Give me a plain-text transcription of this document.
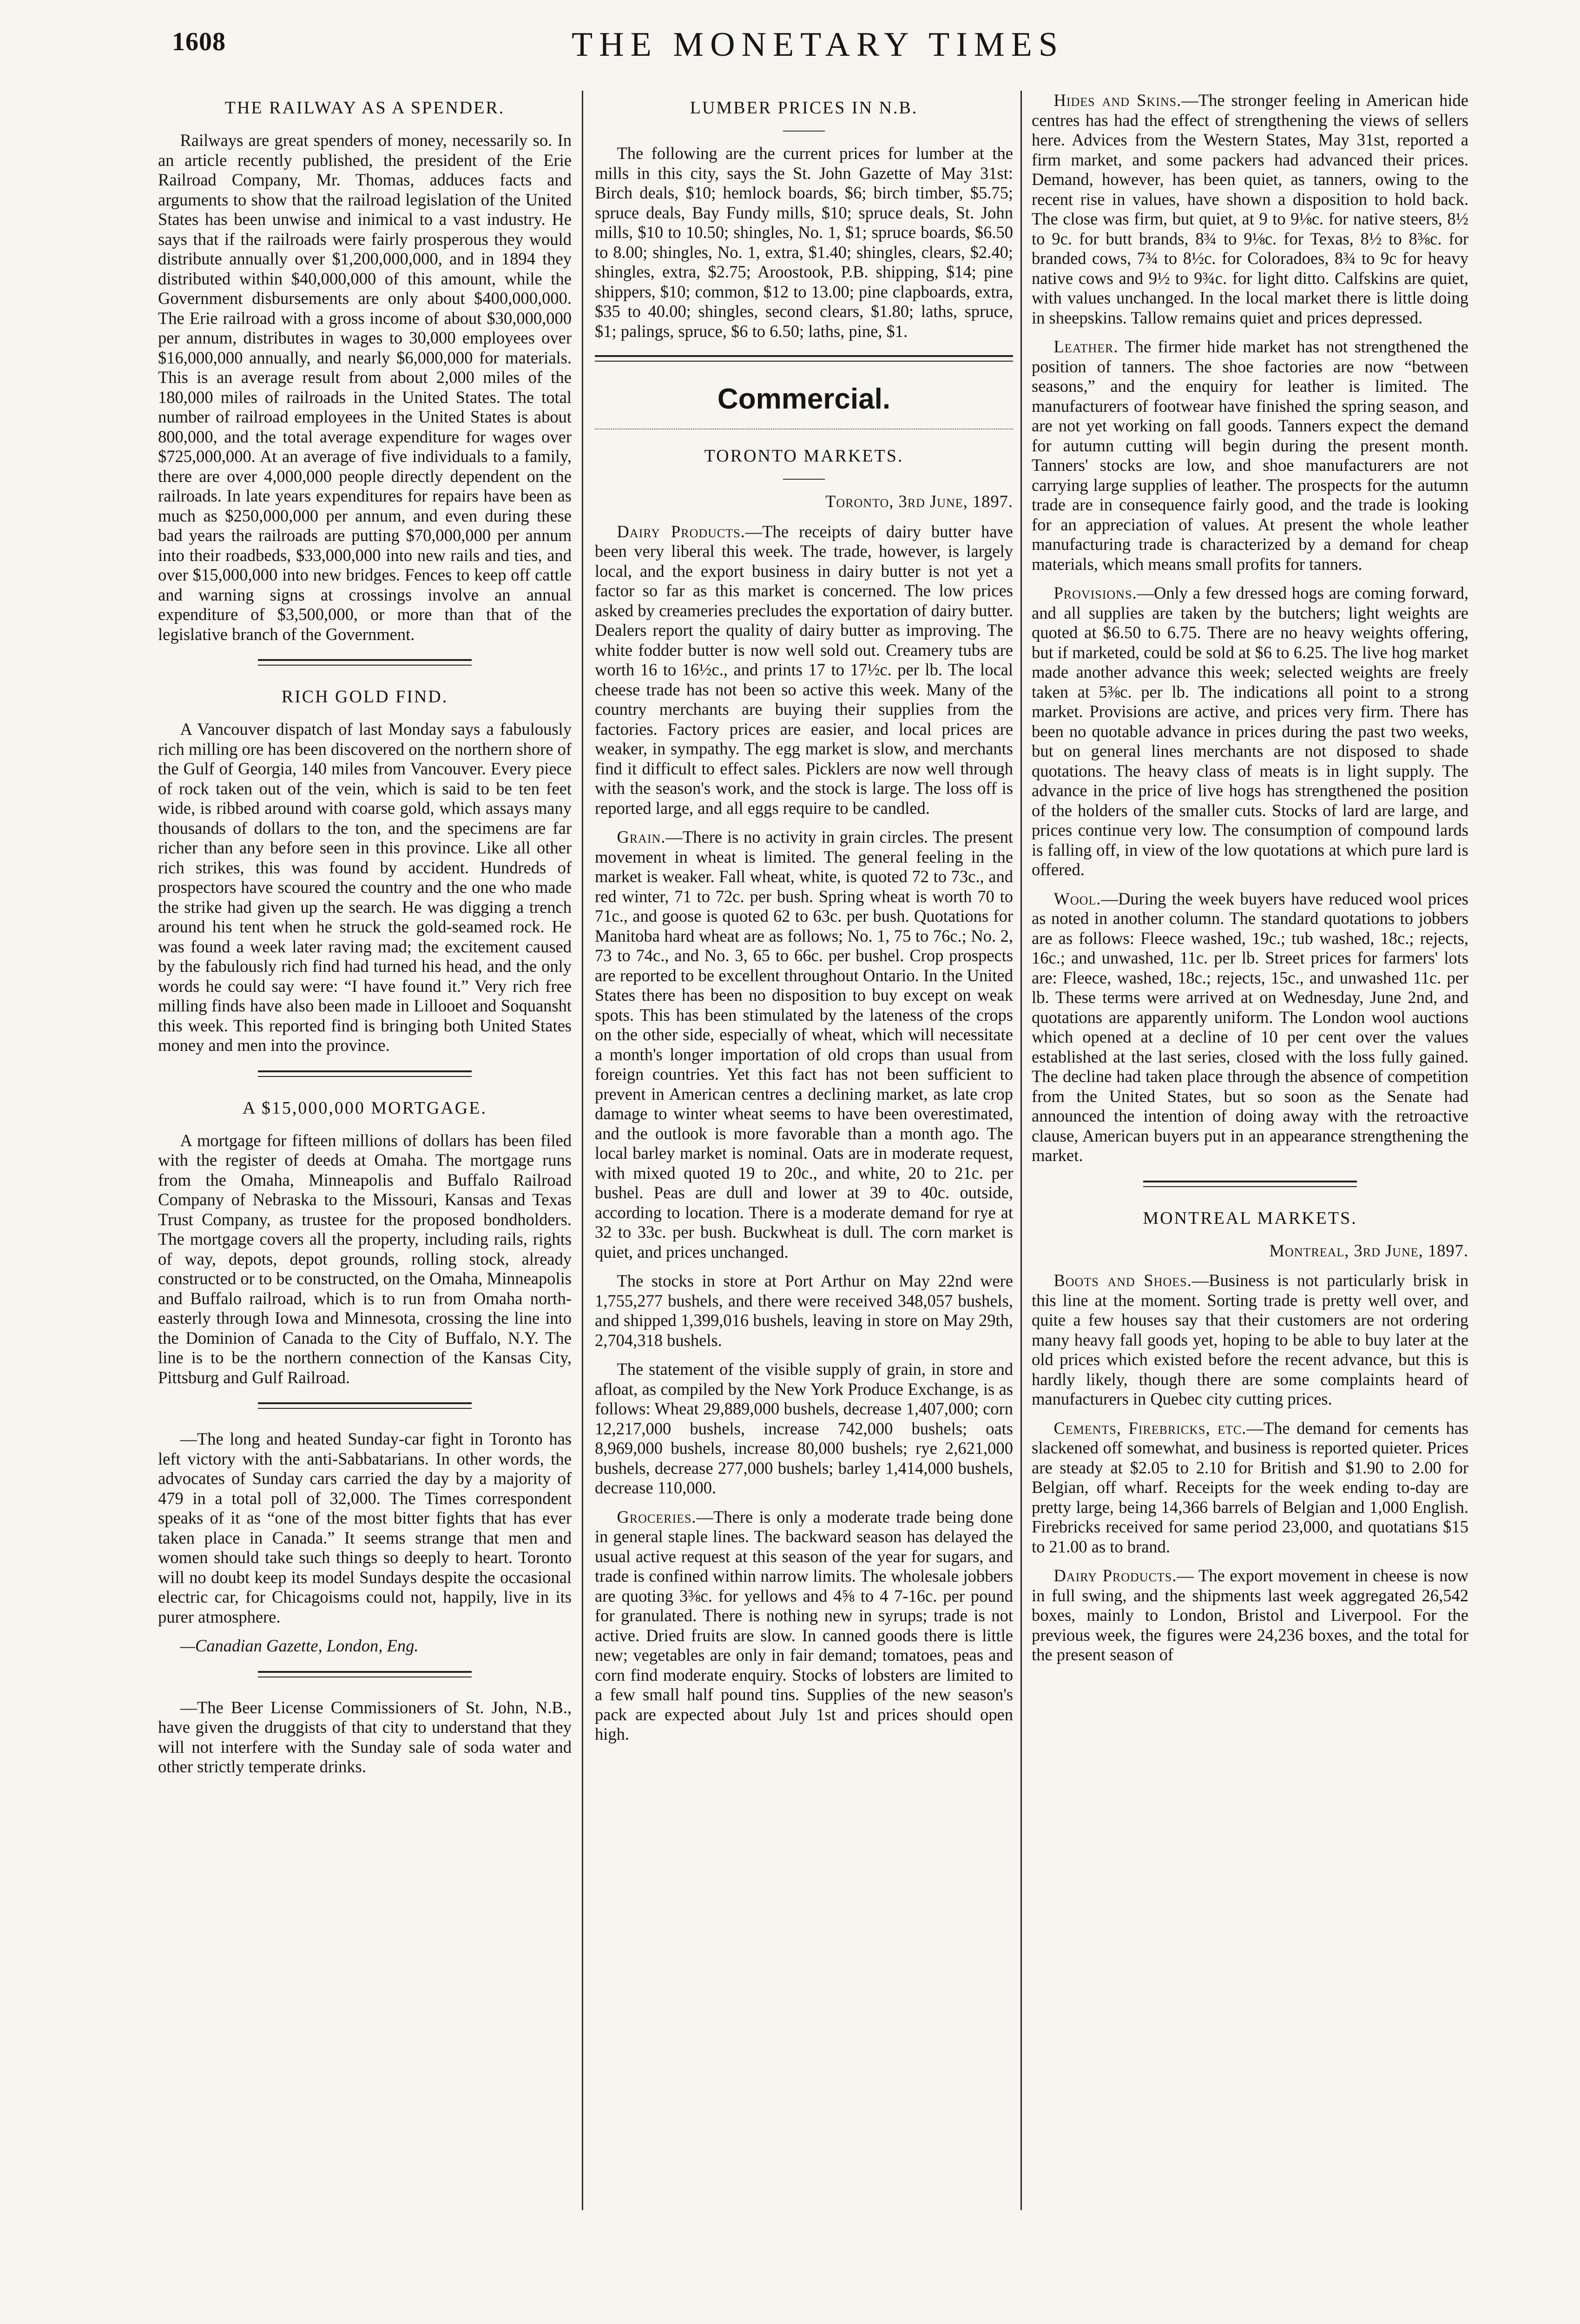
1608	THE MONETARY TIMES
THE RAILWAY AS A SPENDER.

Railways are great spenders of money, necessarily so. In an article recently published, the president of the Erie Railroad Company, Mr. Thomas, adduces facts and arguments to show that the railroad legislation of the United States has been unwise and inimical to a vast industry. He says that if the railroads were fairly prosperous they would distribute annually over $1,200,000,000, and in 1894 they distributed within $40,000,000 of this amount, while the Government disbursements are only about $400,000,000. The Erie railroad with a gross income of about $30,000,000 per annum, distributes in wages to 30,000 employees over $16,000,000 annually, and nearly $6,000,000 for materials. This is an average result from about 2,000 miles of the 180,000 miles of railroads in the United States. The total number of railroad employees in the United States is about 800,000, and the total average expenditure for wages over $725,000,000. At an average of five individuals to a family, there are over 4,000,000 people directly dependent on the railroads. In late years expenditures for repairs have been as much as $250,000,000 per annum, and even during these bad years the railroads are putting $70,000,000 per annum into their roadbeds, $33,000,000 into new rails and ties, and over $15,000,000 into new bridges. Fences to keep off cattle and warning signs at crossings involve an annual expenditure of $3,500,000, or more than that of the legislative branch of the Government.

RICH GOLD FIND.

A Vancouver dispatch of last Monday says a fabulously rich milling ore has been discovered on the northern shore of the Gulf of Georgia, 140 miles from Vancouver. Every piece of rock taken out of the vein, which is said to be ten feet wide, is ribbed around with coarse gold, which assays many thousands of dollars to the ton, and the specimens are far richer than any before seen in this province. Like all other rich strikes, this was found by accident. Hundreds of prospectors have scoured the country and the one who made the strike had given up the search. He was digging a trench around his tent when he struck the gold-seamed rock. He was found a week later raving mad; the excitement caused by the fabulously rich find had turned his head, and the only words he could say were: “I have found it.” Very rich free milling finds have also been made in Lillooet and Soquansht this week. This reported find is bringing both United States money and men into the province.

A $15,000,000 MORTGAGE.

A mortgage for fifteen millions of dollars has been filed with the register of deeds at Omaha. The mortgage runs from the Omaha, Minneapolis and Buffalo Railroad Company of Nebraska to the Missouri, Kansas and Texas Trust Company, as trustee for the proposed bondholders. The mortgage covers all the property, including rails, rights of way, depots, depot grounds, rolling stock, already constructed or to be constructed, on the Omaha, Minneapolis and Buffalo railroad, which is to run from Omaha north-easterly through Iowa and Minnesota, crossing the line into the Dominion of Canada to the City of Buffalo, N.Y. The line is to be the northern connection of the Kansas City, Pittsburg and Gulf Railroad.

—The long and heated Sunday-car fight in Toronto has left victory with the anti-Sabbatarians. In other words, the advocates of Sunday cars carried the day by a majority of 479 in a total poll of 32,000. The Times correspondent speaks of it as “one of the most bitter fights that has ever taken place in Canada.” It seems strange that men and women should take such things so deeply to heart. Toronto will no doubt keep its model Sundays despite the occasional electric car, for Chicagoisms could not, happily, live in its purer atmosphere.

—Canadian Gazette, London, Eng.

—The Beer License Commissioners of St. John, N.B., have given the druggists of that city to understand that they will not interfere with the Sunday sale of soda water and other strictly temperate drinks.

LUMBER PRICES IN N.B.

The following are the current prices for lumber at the mills in this city, says the St. John Gazette of May 31st: Birch deals, $10; hemlock boards, $6; birch timber, $5.75; spruce deals, Bay Fundy mills, $10; spruce deals, St. John mills, $10 to 10.50; shingles, No. 1, $1; spruce boards, $6.50 to 8.00; shingles, No. 1, extra, $1.40; shingles, clears, $2.40; shingles, extra, $2.75; Aroostook, P.B. shipping, $14; pine shippers, $10; common, $12 to 13.00; pine clapboards, extra, $35 to 40.00; shingles, second clears, $1.80; laths, spruce, $1; palings, spruce, $6 to 6.50; laths, pine, $1.

Commercial.
TORONTO MARKETS.

Toronto, 3rd June, 1897.

Dairy Products.—The receipts of dairy butter have been very liberal this week. The trade, however, is largely local, and the export business in dairy butter is not yet a factor so far as this market is concerned. The low prices asked by creameries precludes the exportation of dairy butter. Dealers report the quality of dairy butter as improving. The white fodder butter is now well sold out. Creamery tubs are worth 16 to 16½c., and prints 17 to 17½c. per lb. The local cheese trade has not been so active this week. Many of the country merchants are buying their supplies from the factories. Factory prices are easier, and local prices are weaker, in sympathy. The egg market is slow, and merchants find it difficult to effect sales. Picklers are now well through with the season's work, and the stock is large. The loss off is reported large, and all eggs require to be candled.

Grain.—There is no activity in grain circles. The present movement in wheat is limited. The general feeling in the market is weaker. Fall wheat, white, is quoted 72 to 73c., and red winter, 71 to 72c. per bush. Spring wheat is worth 70 to 71c., and goose is quoted 62 to 63c. per bush. Quotations for Manitoba hard wheat are as follows; No. 1, 75 to 76c.; No. 2, 73 to 74c., and No. 3, 65 to 66c. per bushel. Crop prospects are reported to be excellent throughout Ontario. In the United States there has been no disposition to buy except on weak spots. This has been stimulated by the lateness of the crops on the other side, especially of wheat, which will necessitate a month's longer importation of old crops than usual from foreign countries. Yet this fact has not been sufficient to prevent in American centres a declining market, as late crop damage to winter wheat seems to have been overestimated, and the outlook is more favorable than a month ago. The local barley market is nominal. Oats are in moderate request, with mixed quoted 19 to 20c., and white, 20 to 21c. per bushel. Peas are dull and lower at 39 to 40c. outside, according to location. There is a moderate demand for rye at 32 to 33c. per bush. Buckwheat is dull. The corn market is quiet, and prices unchanged.

The stocks in store at Port Arthur on May 22nd were 1,755,277 bushels, and there were received 348,057 bushels, and shipped 1,399,016 bushels, leaving in store on May 29th, 2,704,318 bushels.

The statement of the visible supply of grain, in store and afloat, as compiled by the New York Produce Exchange, is as follows: Wheat 29,889,000 bushels, decrease 1,407,000; corn 12,217,000 bushels, increase 742,000 bushels; oats 8,969,000 bushels, increase 80,000 bushels; rye 2,621,000 bushels, decrease 277,000 bushels; barley 1,414,000 bushels, decrease 110,000.

Groceries.—There is only a moderate trade being done in general staple lines. The backward season has delayed the usual active request at this season of the year for sugars, and trade is confined within narrow limits. The wholesale jobbers are quoting 3⅜c. for yellows and 4⅝ to 4 7-16c. per pound for granulated. There is nothing new in syrups; trade is not active. Dried fruits are slow. In canned goods there is little new; vegetables are only in fair demand; tomatoes, peas and corn find moderate enquiry. Stocks of lobsters are limited to a few small half pound tins. Supplies of the new season's pack are expected about July 1st and prices should open high.

Hides and Skins.—The stronger feeling in American hide centres has had the effect of strengthening the views of sellers here. Advices from the Western States, May 31st, reported a firm market, and some packers had advanced their prices. Demand, however, has been quiet, as tanners, owing to the recent rise in values, have shown a disposition to hold back. The close was firm, but quiet, at 9 to 9⅛c. for native steers, 8½ to 9c. for butt brands, 8¾ to 9⅛c. for Texas, 8½ to 8⅜c. for branded cows, 7¾ to 8½c. for Coloradoes, 8¾ to 9c for heavy native cows and 9½ to 9¾c. for light ditto. Calfskins are quiet, with values unchanged. In the local market there is little doing in sheepskins. Tallow remains quiet and prices depressed.

Leather. The firmer hide market has not strengthened the position of tanners. The shoe factories are now “between seasons,” and the enquiry for leather is limited. The manufacturers of footwear have finished the spring season, and are not yet working on fall goods. Tanners expect the demand for autumn cutting will begin during the present month. Tanners' stocks are low, and shoe manufacturers are not carrying large supplies of leather. The prospects for the autumn trade are in consequence fairly good, and the trade is looking for an appreciation of values. At present the whole leather manufacturing trade is characterized by a demand for cheap materials, which means small profits for tanners.

Provisions.—Only a few dressed hogs are coming forward, and all supplies are taken by the butchers; light weights are quoted at $6.50 to 6.75. There are no heavy weights offering, but if marketed, could be sold at $6 to 6.25. The live hog market made another advance this week; selected weights are freely taken at 5⅜c. per lb. The indications all point to a strong market. Provisions are active, and prices very firm. There has been no quotable advance in prices during the past two weeks, but on general lines merchants are not disposed to shade quotations. The heavy class of meats is in light supply. The advance in the price of live hogs has strengthened the position of the holders of the smaller cuts. Stocks of lard are large, and prices continue very low. The consumption of compound lards is falling off, in view of the low quotations at which pure lard is offered.

Wool.—During the week buyers have reduced wool prices as noted in another column. The standard quotations to jobbers are as follows: Fleece washed, 19c.; tub washed, 18c.; rejects, 16c.; and unwashed, 11c. per lb. Street prices for farmers' lots are: Fleece, washed, 18c.; rejects, 15c., and unwashed 11c. per lb. These terms were arrived at on Wednesday, June 2nd, and quotations are apparently uniform. The London wool auctions which opened at a decline of 10 per cent over the values established at the last series, closed with the loss fully gained. The decline had taken place through the absence of competition from the United States, but so soon as the Senate had announced the intention of doing away with the retroactive clause, American buyers put in an appearance strengthening the market.

MONTREAL MARKETS.

Montreal, 3rd June, 1897.

Boots and Shoes.—Business is not particularly brisk in this line at the moment. Sorting trade is pretty well over, and quite a few houses say that their customers are not ordering many heavy fall goods yet, hoping to be able to buy later at the old prices which existed before the recent advance, but this is hardly likely, though there are some complaints heard of manufacturers in Quebec city cutting prices.

Cements, Firebricks, etc.—The demand for cements has slackened off somewhat, and business is reported quieter. Prices are steady at $2.05 to 2.10 for British and $1.90 to 2.00 for Belgian, off wharf. Receipts for the week ending to-day are pretty large, being 14,366 barrels of Belgian and 1,000 English. Firebricks received for same period 23,000, and quotatians $15 to 21.00 as to brand.

Dairy Products.— The export movement in cheese is now in full swing, and the shipments last week aggregated 26,542 boxes, mainly to London, Bristol and Liverpool. For the previous week, the figures were 24,236 boxes, and the total for the present season of
